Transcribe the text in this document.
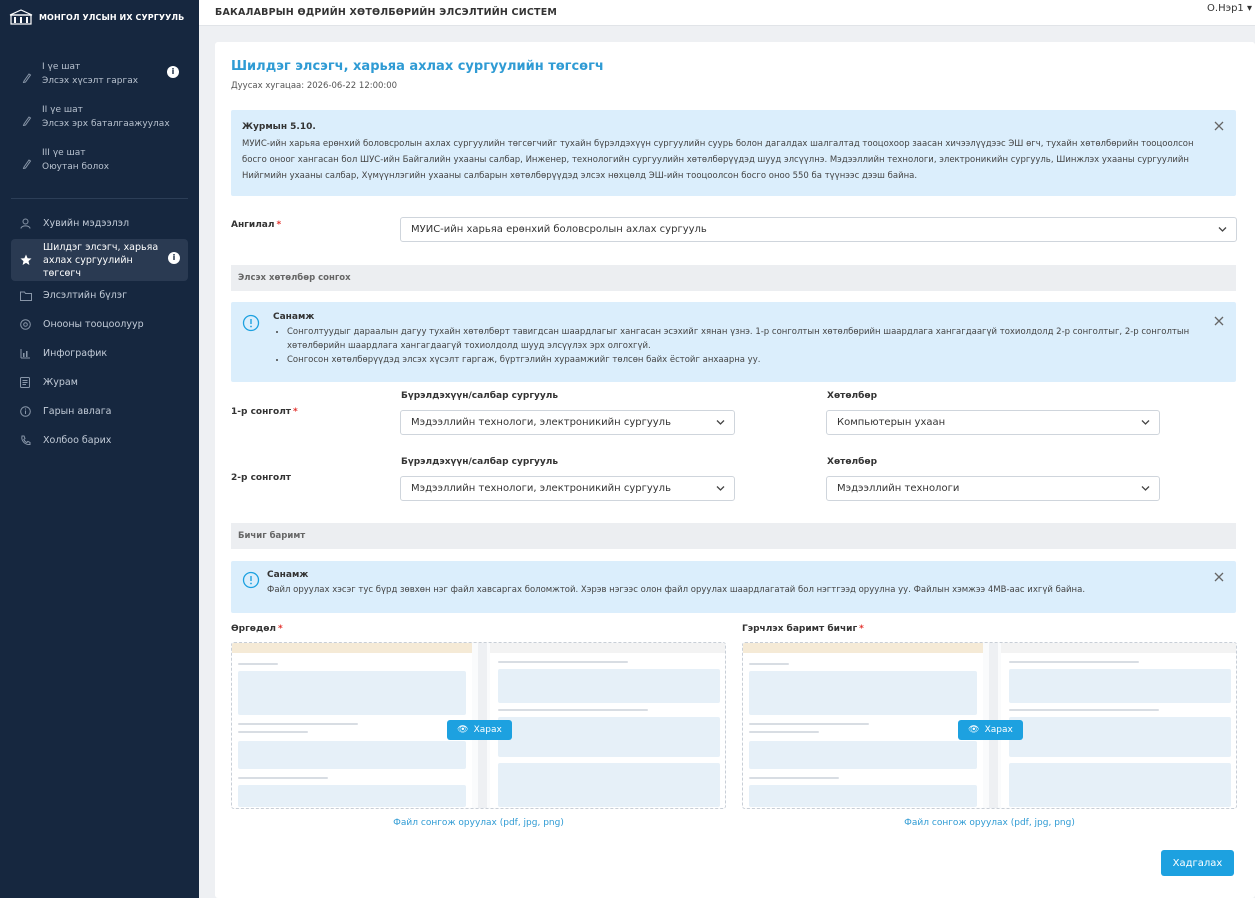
МОНГОЛ УЛСЫН ИХ СУРГУУЛЬ
I үе шат
Элсэх хүсэлт гаргах
i
II үе шат
Элсэх эрх баталгаажуулах
III үе шат
Оюутан болох
Хувийн мэдээлэл
Шилдэг элсэгч, харьяа ахлах сургуулийн төгсөгч
i
Элсэлтийн бүлэг
Онооны тооцоолуур
Инфографик
Журам
Гарын авлага
Холбоо барих
БАКАЛАВРЫН ӨДРИЙН ХӨТӨЛБӨРИЙН ЭЛСЭЛТИЙН СИСТЕМ	О.Нэр1 ▾
Шилдэг элсэгч, харьяа ахлах сургуулийн төгсөгч
Дуусах хугацаа: 2026-06-22 12:00:00
Журмын 5.10.
МУИС-ийн харьяа ерөнхий боловсролын ахлах сургуулийн төгсөгчийг тухайн бүрэлдэхүүн сургуулийн суурь болон дагалдах шалгалтад тооцохоор заасан хичээлүүдээс ЭШ өгч, тухайн хөтөлбөрийн тооцоолсон босго оноог хангасан бол ШУС-ийн Байгалийн ухааны салбар, Инженер, технологийн сургуулийн хөтөлбөрүүдэд шууд элсүүлнэ. Мэдээллийн технологи, электроникийн сургууль, Шинжлэх ухааны сургуулийн Нийгмийн ухааны салбар, Хүмүүнлэгийн ухааны салбарын хөтөлбөрүүдэд элсэх нөхцөлд ЭШ-ийн тооцоолсон босго оноо 550 ба түүнээс дээш байна.
Ангилал *	МУИС-ийн харьяа ерөнхий боловсролын ахлах сургууль
Элсэх хөтөлбөр сонгох
Санамж
• Сонголтуудыг дараалын дагуу тухайн хөтөлбөрт тавигдсан шаардлагыг хангасан эсэхийг хянан үзнэ. 1-р сонголтын хөтөлбөрийн шаардлага хангагдаагүй тохиолдолд 2-р сонголтыг, 2-р сонголтын хөтөлбөрийн шаардлага хангагдаагүй тохиолдолд шууд элсүүлэх эрх олгохгүй.
• Сонгосон хөтөлбөрүүдэд элсэх хүсэлт гаргаж, бүртгэлийн хураамжийг төлсөн байх ёстойг анхаарна уу.
Бүрэлдэхүүн/салбар сургууль	Хөтөлбөр
1-р сонголт *
Мэдээллийн технологи, электроникийн сургууль	Компьютерын ухаан
Бүрэлдэхүүн/салбар сургууль	Хөтөлбөр
2-р сонголт
Мэдээллийн технологи, электроникийн сургууль	Мэдээллийн технологи
Бичиг баримт
Санамж
Файл оруулах хэсэг тус бүрд зөвхөн нэг файл хавсаргах боломжтой. Хэрэв нэгээс олон файл оруулах шаардлагатай бол нэгтгээд оруулна уу. Файлын хэмжээ 4MB-аас ихгүй байна.
Өргөдөл *	Гэрчлэх баримт бичиг *
👁 Харах	👁 Харах
Файл сонгож оруулах (pdf, jpg, png)	Файл сонгож оруулах (pdf, jpg, png)
Хадгалах
